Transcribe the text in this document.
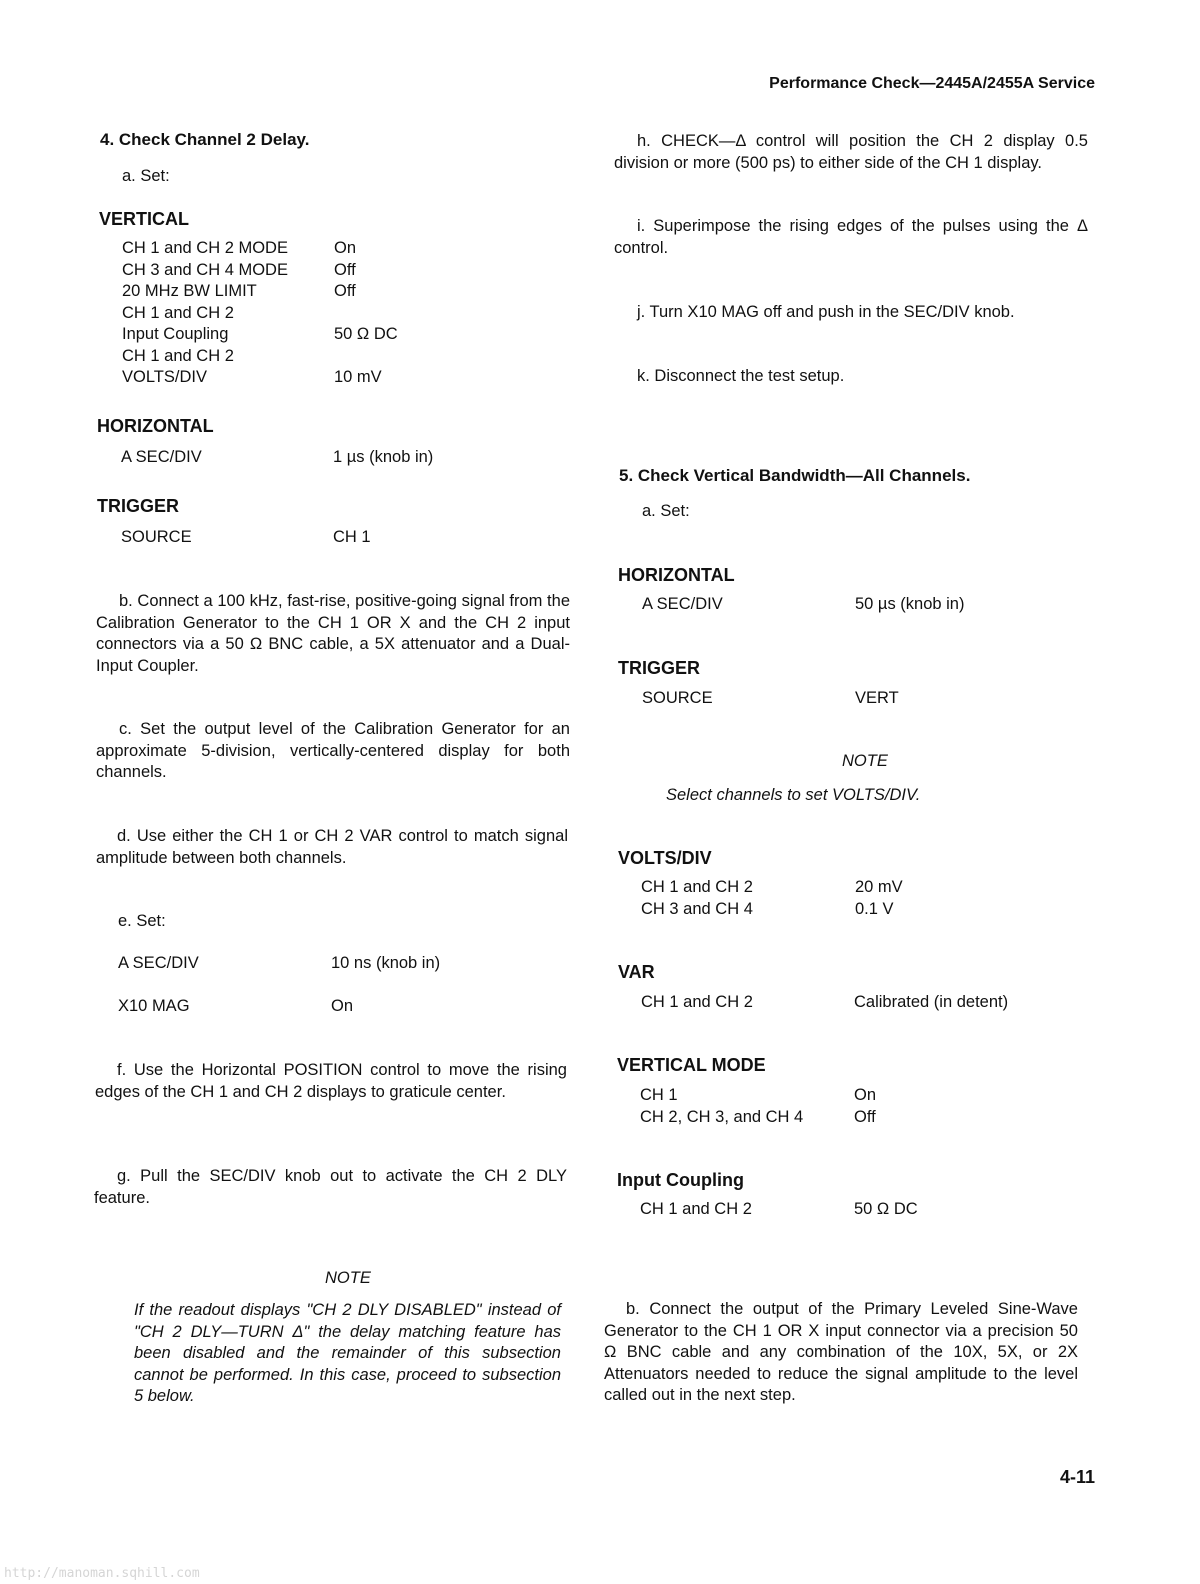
Performance Check—2445A/2455A Service
4. Check Channel 2 Delay.
a. Set:
VERTICAL
CH 1 and CH 2 MODE	On
CH 3 and CH 4 MODE	Off
20 MHz BW LIMIT	Off
CH 1 and CH 2
Input Coupling	50 Ω DC
CH 1 and CH 2
VOLTS/DIV	10 mV
HORIZONTAL
A SEC/DIV	1 µs (knob in)
TRIGGER
SOURCE	CH 1
b. Connect a 100 kHz, fast-rise, positive-going signal from the Calibration Generator to the CH 1 OR X and the CH 2 input connectors via a 50 Ω BNC cable, a 5X attenuator and a Dual-Input Coupler.
c. Set the output level of the Calibration Generator for an approximate 5-division, vertically-centered display for both channels.
d. Use either the CH 1 or CH 2 VAR control to match signal amplitude between both channels.
e. Set:
A SEC/DIV	10 ns (knob in)
X10 MAG	On
f. Use the Horizontal POSITION control to move the rising edges of the CH 1 and CH 2 displays to graticule center.
g. Pull the SEC/DIV knob out to activate the CH 2 DLY feature.
NOTE
If the readout displays "CH 2 DLY DISABLED" instead of "CH 2 DLY—TURN Δ" the delay matching feature has been disabled and the remainder of this subsection cannot be performed. In this case, proceed to subsection 5 below.
h. CHECK—Δ control will position the CH 2 display 0.5 division or more (500 ps) to either side of the CH 1 display.
i. Superimpose the rising edges of the pulses using the Δ control.
j. Turn X10 MAG off and push in the SEC/DIV knob.
k. Disconnect the test setup.
5. Check Vertical Bandwidth—All Channels.
a. Set:
HORIZONTAL
A SEC/DIV	50 µs (knob in)
TRIGGER
SOURCE	VERT
NOTE
Select channels to set VOLTS/DIV.
VOLTS/DIV
CH 1 and CH 2	20 mV
CH 3 and CH 4	0.1 V
VAR
CH 1 and CH 2	Calibrated (in detent)
VERTICAL MODE
CH 1	On
CH 2, CH 3, and CH 4	Off
Input Coupling
CH 1 and CH 2	50 Ω DC
b. Connect the output of the Primary Leveled Sine-Wave Generator to the CH 1 OR X input connector via a precision 50 Ω BNC cable and any combination of the 10X, 5X, or 2X Attenuators needed to reduce the signal amplitude to the level called out in the next step.
4-11
http://manoman.sqhill.com
